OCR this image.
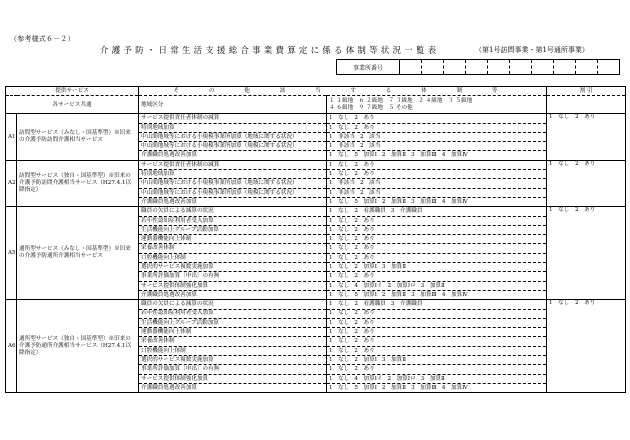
（参考様式６－２）
介護予防・日常生活支援総合事業費算定に係る体制等状況一覧表	（第1号訪問事業・第1号通所事業）
事業所番号
提供サービス		そ の 他 該 当 す る 体 制 等		割 引
各サービス共通		地域区分	１ １級地　６ ２級地　７ ３級地　２ ４級地　３ ５級地
４ ６級地　９ ７級地　５ その他	

A1	訪問型サービス（みなし・国基準型）※旧来の介護予防訪問介護相当サービス	サービス提供責任者体制の減算	1　なし 2　あり	1　なし　2　あり

		特別地域加算	1　なし 2　あり	
		中山間地域等における小規模事業所加算（地域に関する状況）	1　非該当 2　該当	
		中山間地域等における小規模事業所加算（規模に関する状況）	1　非該当 2　該当	
		介護職員処遇改善加算	1　なし 5　加算Ⅰ 2　加算Ⅱ 3　加算Ⅲ 4　加算Ⅳ	
A2	訪問型サービス（独自・国基準型）※旧来の介護予防訪問介護相当サービス（H27.4.1以降指定）	サービス提供責任者体制の減算	1　なし 2　あり	1　なし　2　あり

		特別地域加算	1　なし 2　あり	
		中山間地域等における小規模事業所加算（地域に関する状況）	1　非該当 2　該当	
		中山間地域等における小規模事業所加算（規模に関する状況）	1　非該当 2　該当	
		介護職員処遇改善加算	1　なし 5　加算Ⅰ 2　加算Ⅱ 3　加算Ⅲ 4　加算Ⅳ	
A5	通所型サービス（みなし・国基準型）※旧来の介護予防通所介護相当サービス	職員の欠員による減算の状況	1　なし 2　看護職員 3　介護職員	1　なし　2　あり

		若年性認知症利用者受入加算	1　なし 2　あり	
		生活機能向上グループ活動加算	1　なし 2　あり	
		運動器機能向上体制	1　なし 2　あり	
		栄養改善体制	1　なし 2　あり	
		口腔機能向上体制	1　なし 2　あり	
		選択的サービス複数実施加算	1　なし 2　加算Ⅰ 3　加算Ⅱ	
		事業所評価加算〔申出〕の有無	1　なし 2　あり	
		サービス提供体制強化加算	1　なし 4　加算Ⅰイ 2　加算Ⅰロ 3　加算Ⅱ	
		介護職員処遇改善加算	1　なし 5　加算Ⅰ 2　加算Ⅱ 3　加算Ⅲ 4　加算Ⅳ	
A6	通所型サービス（独自・国基準型）※旧来の介護予防通所介護相当サービス（H27.4.1以降指定）	職員の欠員による減算の状況	1　なし 2　看護職員 3　介護職員	1　なし　2　あり

		若年性認知症利用者受入加算	1　なし 2　あり	
		生活機能向上グループ活動加算	1　なし 2　あり	
		運動器機能向上体制	1　なし 2　あり	
		栄養改善体制	1　なし 2　あり	
		口腔機能向上体制	1　なし 2　あり	
		選択的サービス複数実施加算	1　なし 2　加算Ⅰ 3　加算Ⅱ	
		事業所評価加算〔申出〕の有無	1　なし 2　あり	
		サービス提供体制強化加算	1　なし 4　加算Ⅰイ 2　加算Ⅰロ 3　加算Ⅱ	
		介護職員処遇改善加算	1　なし 5　加算Ⅰ 2　加算Ⅱ 3　加算Ⅲ 4　加算Ⅳ	
